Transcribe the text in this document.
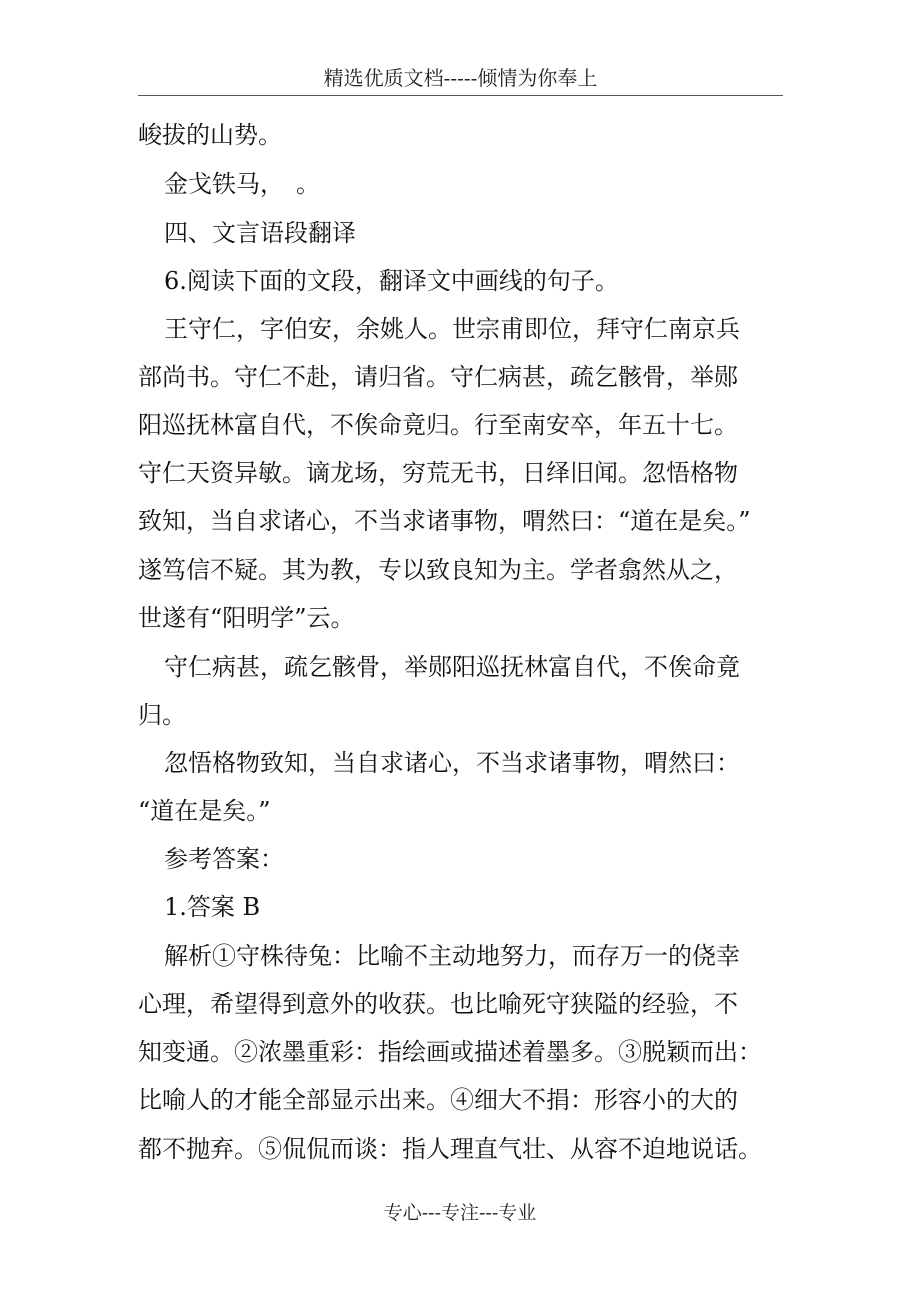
精选优质文档-----倾情为你奉上
峻拔的山势。
金戈铁马，　。
四、文言语段翻译
6.阅读下面的文段，翻译文中画线的句子。
王守仁，字伯安，余姚人。世宗甫即位，拜守仁南京兵
部尚书。守仁不赴，请归省。守仁病甚，疏乞骸骨，举郧
阳巡抚林富自代，不俟命竟归。行至南安卒，年五十七。
守仁天资异敏。谪龙场，穷荒无书，日绎旧闻。忽悟格物
致知，当自求诸心，不当求诸事物，喟然曰：“道在是矣。”
遂笃信不疑。其为教，专以致良知为主。学者翕然从之，
世遂有“阳明学”云。
守仁病甚，疏乞骸骨，举郧阳巡抚林富自代，不俟命竟
归。
忽悟格物致知，当自求诸心，不当求诸事物，喟然曰：
“道在是矣。”
参考答案：
1.答案 B
解析①守株待兔：比喻不主动地努力，而存万一的侥幸
心理，希望得到意外的收获。也比喻死守狭隘的经验，不
知变通。②浓墨重彩：指绘画或描述着墨多。③脱颖而出：
比喻人的才能全部显示出来。④细大不捐：形容小的大的
都不抛弃。⑤侃侃而谈：指人理直气壮、从容不迫地说话。
专心---专注---专业
